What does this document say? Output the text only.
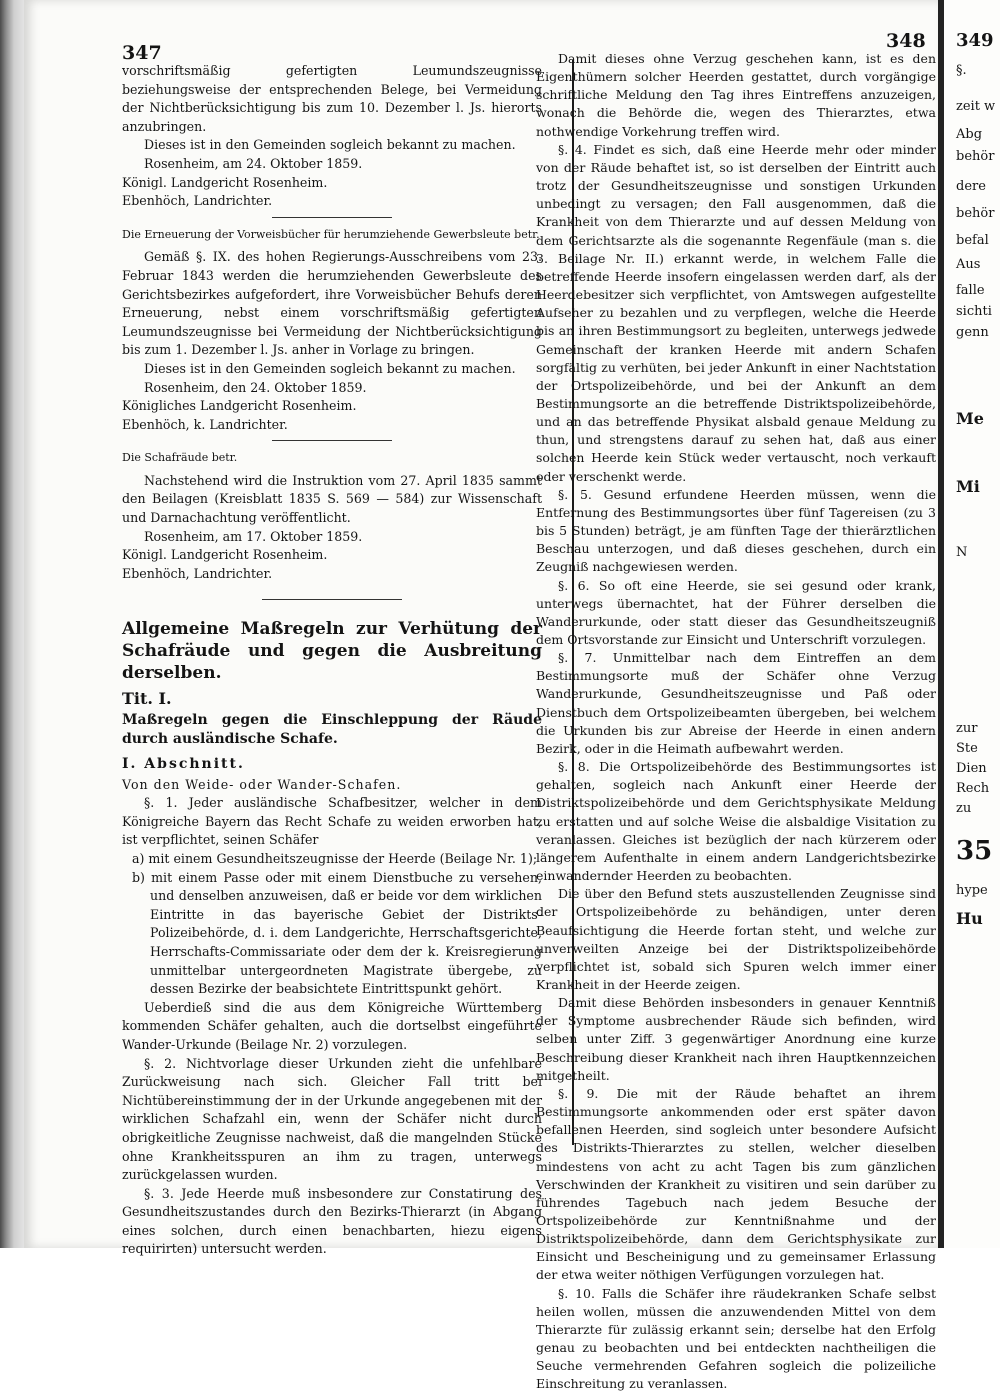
347
348

vorschriftsmäßig gefertigten Leumundszeugnisse beziehungsweise der entsprechenden Belege, bei Vermeidung der Nichtberücksichtigung bis zum 10. Dezember l. Js. hierorts anzubringen.

Dieses ist in den Gemeinden sogleich bekannt zu machen.

Rosenheim, am 24. Oktober 1859.

Königl. Landgericht Rosenheim.

Ebenhöch, Landrichter.

Die Erneuerung der Vorweisbücher für herumziehende Gewerbsleute betr.

Gemäß §. IX. des hohen Regierungs-Ausschreibens vom 23. Februar 1843 werden die herumziehenden Gewerbsleute des Gerichtsbezirkes aufgefordert, ihre Vorweisbücher Behufs deren Erneuerung, nebst einem vorschriftsmäßig gefertigten Leumundszeugnisse bei Vermeidung der Nichtberücksichtigung bis zum 1. Dezember l. Js. anher in Vorlage zu bringen.

Dieses ist in den Gemeinden sogleich bekannt zu machen.

Rosenheim, den 24. Oktober 1859.

Königliches Landgericht Rosenheim.

Ebenhöch, k. Landrichter.

Die Schafräude betr.

Nachstehend wird die Instruktion vom 27. April 1835 sammt den Beilagen (Kreisblatt 1835 S. 569 — 584) zur Wissenschaft und Darnachachtung veröffentlicht.

Rosenheim, am 17. Oktober 1859.

Königl. Landgericht Rosenheim.

Ebenhöch, Landrichter.

Allgemeine Maßregeln zur Verhütung der Schafräude und gegen die Ausbreitung derselben.

Tit. I.

Maßregeln gegen die Einschleppung der Räude durch ausländische Schafe.

I. Abschnitt.

Von den Weide- oder Wander-Schafen.

§. 1. Jeder ausländische Schafbesitzer, welcher in dem Königreiche Bayern das Recht Schafe zu weiden erworben hat, ist verpflichtet, seinen Schäfer

a) mit einem Gesundheitszeugnisse der Heerde (Beilage Nr. 1);

b) mit einem Passe oder mit einem Dienstbuche zu versehen, und denselben anzuweisen, daß er beide vor dem wirklichen Eintritte in das bayerische Gebiet der Distrikts-Polizeibehörde, d. i. dem Landgerichte, Herrschaftsgerichte, Herrschafts-Commissariate oder dem der k. Kreisregierung unmittelbar untergeordneten Magistrate übergebe, zu dessen Bezirke der beabsichtete Eintrittspunkt gehört.

Ueberdieß sind die aus dem Königreiche Württemberg kommenden Schäfer gehalten, auch die dortselbst eingeführte Wander-Urkunde (Beilage Nr. 2) vorzulegen.

§. 2. Nichtvorlage dieser Urkunden zieht die unfehlbare Zurückweisung nach sich. Gleicher Fall tritt bei Nichtübereinstimmung der in der Urkunde angegebenen mit der wirklichen Schafzahl ein, wenn der Schäfer nicht durch obrigkeitliche Zeugnisse nachweist, daß die mangelnden Stücke ohne Krankheitsspuren an ihm zu tragen, unterwegs zurückgelassen wurden.

§. 3. Jede Heerde muß insbesondere zur Constatirung des Gesundheitszustandes durch den Bezirks-Thierarzt (in Abgang eines solchen, durch einen benachbarten, hiezu eigens requirirten) untersucht werden.

Damit dieses ohne Verzug geschehen kann, ist es den Eigenthümern solcher Heerden gestattet, durch vorgängige schriftliche Meldung den Tag ihres Eintreffens anzuzeigen, wonach die Behörde die, wegen des Thierarztes, etwa nothwendige Vorkehrung treffen wird.

§. 4. Findet es sich, daß eine Heerde mehr oder minder von der Räude behaftet ist, so ist derselben der Eintritt auch trotz der Gesundheitszeugnisse und sonstigen Urkunden unbedingt zu versagen; den Fall ausgenommen, daß die Krankheit von dem Thierarzte und auf dessen Meldung von dem Gerichtsarzte als die sogenannte Regenfäule (man s. die 3. Beilage Nr. II.) erkannt werde, in welchem Falle die betreffende Heerde insofern eingelassen werden darf, als der Heerdebesitzer sich verpflichtet, von Amtswegen aufgestellte Aufseher zu bezahlen und zu verpflegen, welche die Heerde bis an ihren Bestimmungsort zu begleiten, unterwegs jedwede Gemeinschaft der kranken Heerde mit andern Schafen sorgfältig zu verhüten, bei jeder Ankunft in einer Nachtstation der Ortspolizeibehörde, und bei der Ankunft an dem Bestimmungsorte an die betreffende Distriktspolizeibehörde, und an das betreffende Physikat alsbald genaue Meldung zu thun, und strengstens darauf zu sehen hat, daß aus einer solchen Heerde kein Stück weder vertauscht, noch verkauft oder verschenkt werde.

§. 5. Gesund erfundene Heerden müssen, wenn die Entfernung des Bestimmungsortes über fünf Tagereisen (zu 3 bis 5 Stunden) beträgt, je am fünften Tage der thierärztlichen Beschau unterzogen, und daß dieses geschehen, durch ein Zeugniß nachgewiesen werden.

§. 6. So oft eine Heerde, sie sei gesund oder krank, unterwegs übernachtet, hat der Führer derselben die Wanderurkunde, oder statt dieser das Gesundheitszeugniß dem Ortsvorstande zur Einsicht und Unterschrift vorzulegen.

§. 7. Unmittelbar nach dem Eintreffen an dem Bestimmungsorte muß der Schäfer ohne Verzug Wanderurkunde, Gesundheitszeugnisse und Paß oder Dienstbuch dem Ortspolizeibeamten übergeben, bei welchem die Urkunden bis zur Abreise der Heerde in einen andern Bezirk, oder in die Heimath aufbewahrt werden.

§. 8. Die Ortspolizeibehörde des Bestimmungsortes ist gehalten, sogleich nach Ankunft einer Heerde der Distriktspolizeibehörde und dem Gerichtsphysikate Meldung zu erstatten und auf solche Weise die alsbaldige Visitation zu veranlassen. Gleiches ist bezüglich der nach kürzerem oder längerem Aufenthalte in einem andern Landgerichtsbezirke einwandernder Heerden zu beobachten.

Die über den Befund stets auszustellenden Zeugnisse sind der Ortspolizeibehörde zu behändigen, unter deren Beaufsichtigung die Heerde fortan steht, und welche zur unverweilten Anzeige bei der Distriktspolizeibehörde verpflichtet ist, sobald sich Spuren welch immer einer Krankheit in der Heerde zeigen.

Damit diese Behörden insbesonders in genauer Kenntniß der Symptome ausbrechender Räude sich befinden, wird selben unter Ziff. 3 gegenwärtiger Anordnung eine kurze Beschreibung dieser Krankheit nach ihren Hauptkennzeichen mitgetheilt.

§. 9. Die mit der Räude behaftet an ihrem Bestimmungsorte ankommenden oder erst später davon befallenen Heerden, sind sogleich unter besondere Aufsicht des Distrikts-Thierarztes zu stellen, welcher dieselben mindestens von acht zu acht Tagen bis zum gänzlichen Verschwinden der Krankheit zu visitiren und sein darüber zu führendes Tagebuch nach jedem Besuche der Ortspolizeibehörde zur Kenntnißnahme und der Distriktspolizeibehörde, dann dem Gerichtsphysikate zur Einsicht und Bescheinigung und zu gemeinsamer Erlassung der etwa weiter nöthigen Verfügungen vorzulegen hat.

§. 10. Falls die Schäfer ihre räudekranken Schafe selbst heilen wollen, müssen die anzuwendenden Mittel von dem Thierarzte für zulässig erkannt sein; derselbe hat den Erfolg genau zu beobachten und bei entdeckten nachtheiligen die Seuche vermehrenden Gefahren sogleich die polizeiliche Einschreitung zu veranlassen.

349
§.
zeit w
Abg
behör
dere
behör
befal
Aus
falle
sichti
genn
Me
Mi
N
zur
Ste
Dien
Rech
zu
35
hype
Hu
